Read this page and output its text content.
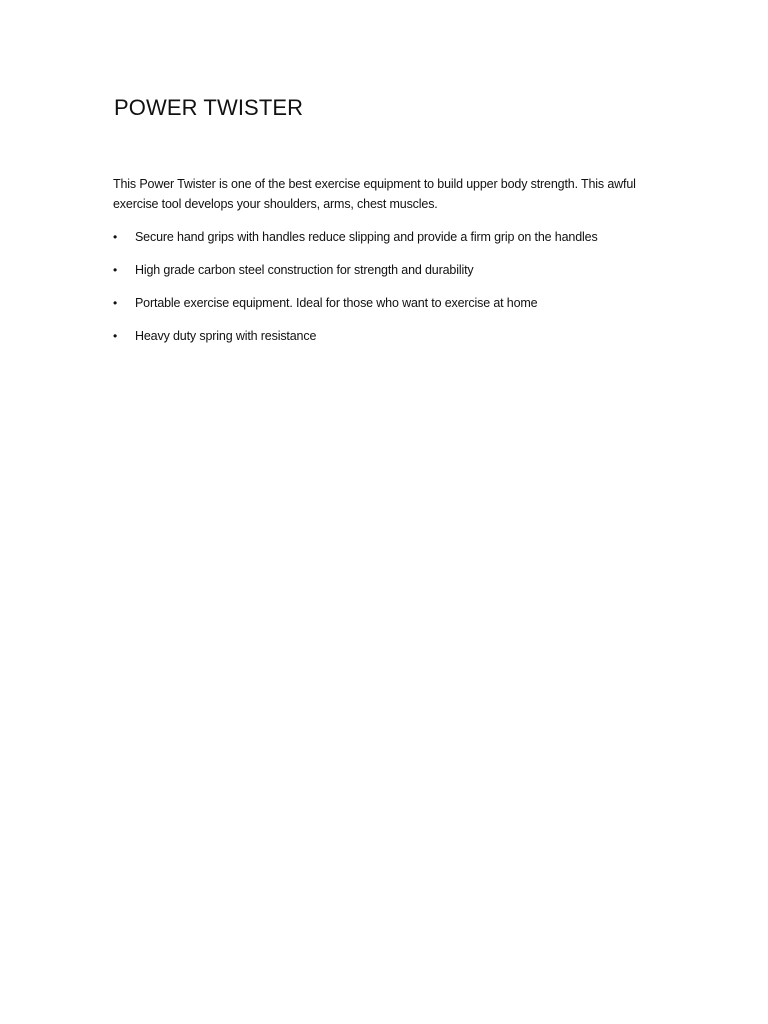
POWER TWISTER

This Power Twister is one of the best exercise equipment to build upper body strength. This awful exercise tool develops your shoulders, arms, chest muscles.

• Secure hand grips with handles reduce slipping and provide a firm grip on the handles
• High grade carbon steel construction for strength and durability
• Portable exercise equipment. Ideal for those who want to exercise at home
• Heavy duty spring with resistance
